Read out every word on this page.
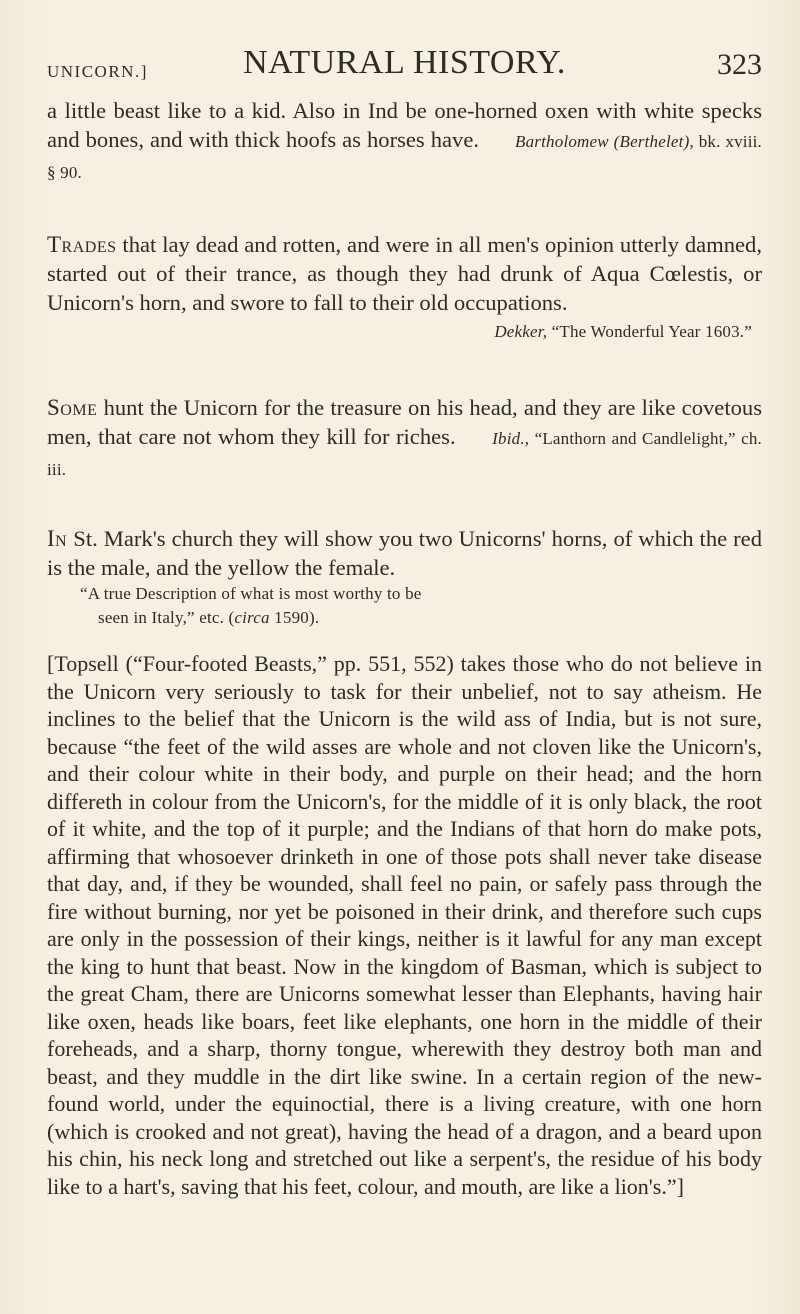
UNICORN.]	NATURAL HISTORY.	323
a little beast like to a kid. Also in Ind be one-horned oxen with white specks and bones, and with thick hoofs as horses have. Bartholomew (Berthelet), bk. xviii. § 90.
Trades that lay dead and rotten, and were in all men's opinion utterly damned, started out of their trance, as though they had drunk of Aqua Cœlestis, or Unicorn's horn, and swore to fall to their old occupations.
Dekker, “The Wonderful Year 1603.”
Some hunt the Unicorn for the treasure on his head, and they are like covetous men, that care not whom they kill for riches. Ibid., “Lanthorn and Candlelight,” ch. iii.
In St. Mark's church they will show you two Unicorns' horns, of which the red is the male, and the yellow the female.
“A true Description of what is most worthy to be
seen in Italy,” etc. (circa 1590).
[Topsell (“Four-footed Beasts,” pp. 551, 552) takes those who do not believe in the Unicorn very seriously to task for their unbelief, not to say atheism. He inclines to the belief that the Unicorn is the wild ass of India, but is not sure, because “the feet of the wild asses are whole and not cloven like the Unicorn's, and their colour white in their body, and purple on their head; and the horn differeth in colour from the Unicorn's, for the middle of it is only black, the root of it white, and the top of it purple; and the Indians of that horn do make pots, affirming that whosoever drinketh in one of those pots shall never take disease that day, and, if they be wounded, shall feel no pain, or safely pass through the fire without burning, nor yet be poisoned in their drink, and therefore such cups are only in the possession of their kings, neither is it lawful for any man except the king to hunt that beast. Now in the kingdom of Basman, which is subject to the great Cham, there are Unicorns somewhat lesser than Elephants, having hair like oxen, heads like boars, feet like elephants, one horn in the middle of their foreheads, and a sharp, thorny tongue, wherewith they destroy both man and beast, and they muddle in the dirt like swine. In a certain region of the new-found world, under the equinoctial, there is a living creature, with one horn (which is crooked and not great), having the head of a dragon, and a beard upon his chin, his neck long and stretched out like a serpent's, the residue of his body like to a hart's, saving that his feet, colour, and mouth, are like a lion's.”]
